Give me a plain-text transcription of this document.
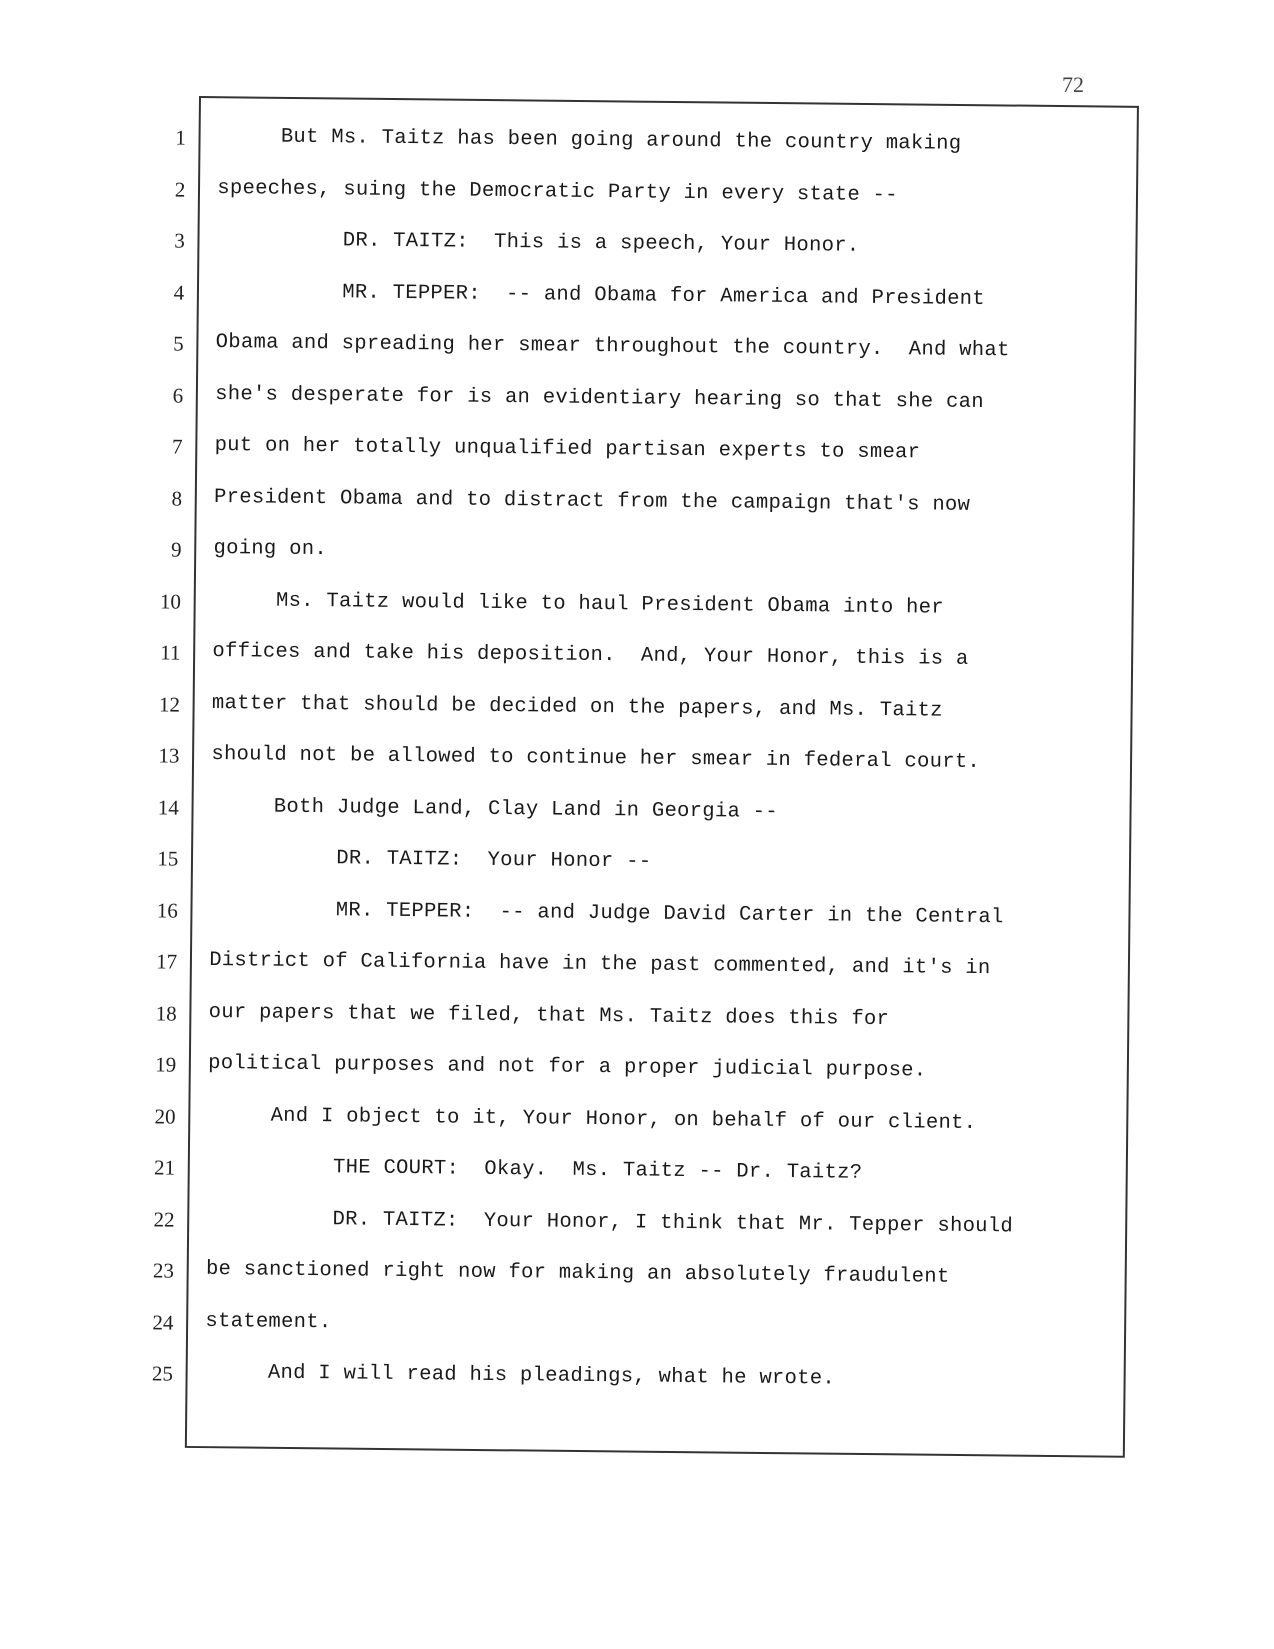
72
1
2
3
4
5
6
7
8
9
10
11
12
13
14
15
16
17
18
19
20
21
22
23
24
25
But Ms. Taitz has been going around the country making
speeches, suing the Democratic Party in every state --
DR. TAITZ:  This is a speech, Your Honor.
MR. TEPPER:  -- and Obama for America and President
Obama and spreading her smear throughout the country.  And what
she's desperate for is an evidentiary hearing so that she can
put on her totally unqualified partisan experts to smear
President Obama and to distract from the campaign that's now
going on.
Ms. Taitz would like to haul President Obama into her
offices and take his deposition.  And, Your Honor, this is a
matter that should be decided on the papers, and Ms. Taitz
should not be allowed to continue her smear in federal court.
Both Judge Land, Clay Land in Georgia --
DR. TAITZ:  Your Honor --
MR. TEPPER:  -- and Judge David Carter in the Central
District of California have in the past commented, and it's in
our papers that we filed, that Ms. Taitz does this for
political purposes and not for a proper judicial purpose.
And I object to it, Your Honor, on behalf of our client.
THE COURT:  Okay.  Ms. Taitz -- Dr. Taitz?
DR. TAITZ:  Your Honor, I think that Mr. Tepper should
be sanctioned right now for making an absolutely fraudulent
statement.
And I will read his pleadings, what he wrote.
